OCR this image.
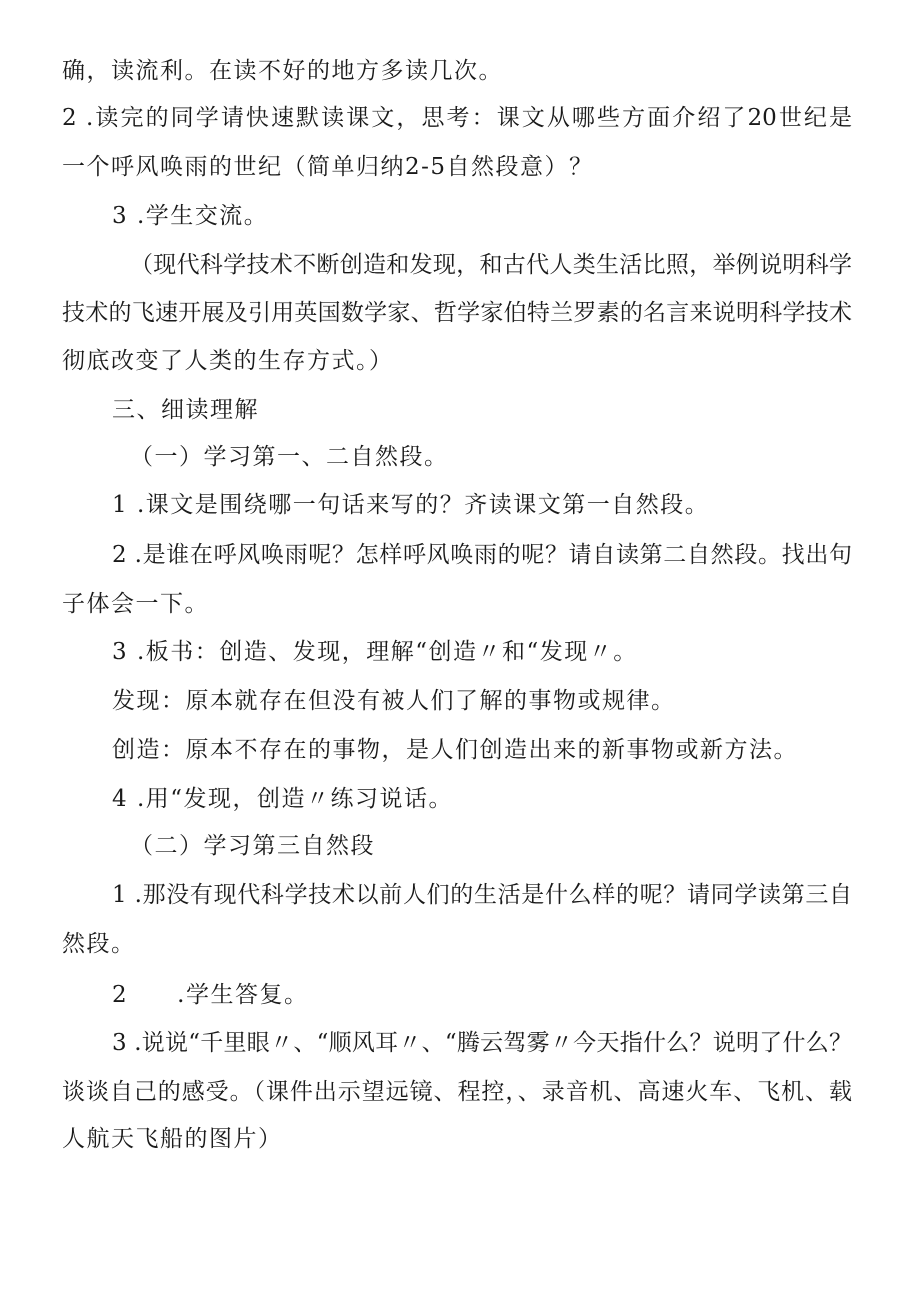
确，读流利。在读不好的地方多读几次。
2 .读完的同学请快速默读课文，思考：课文从哪些方面介绍了20世纪是
一个呼风唤雨的世纪（简单归纳2-5自然段意）？
3 .学生交流。
（现代科学技术不断创造和发现，和古代人类生活比照，举例说明科学
技术的飞速开展及引用英国数学家、哲学家伯特兰罗素的名言来说明科学技术
彻底改变了人类的生存方式。）
三、细读理解
（一）学习第一、二自然段。
1 .课文是围绕哪一句话来写的？齐读课文第一自然段。
2 .是谁在呼风唤雨呢？怎样呼风唤雨的呢？请自读第二自然段。找出句
子体会一下。
3 .板书：创造、发现，理解“创造〃和“发现〃。
发现：原本就存在但没有被人们了解的事物或规律。
创造：原本不存在的事物，是人们创造出来的新事物或新方法。
4 .用“发现，创造〃练习说话。
（二）学习第三自然段
1 .那没有现代科学技术以前人们的生活是什么样的呢？请同学读第三自
然段。
2　　.学生答复。
3 .说说“千里眼〃、“顺风耳〃、“腾云驾雾〃今天指什么？说明了什么？
谈谈自己的感受。（课件出示望远镜、程控，、录音机、高速火车、飞机、载
人航天飞船的图片）
